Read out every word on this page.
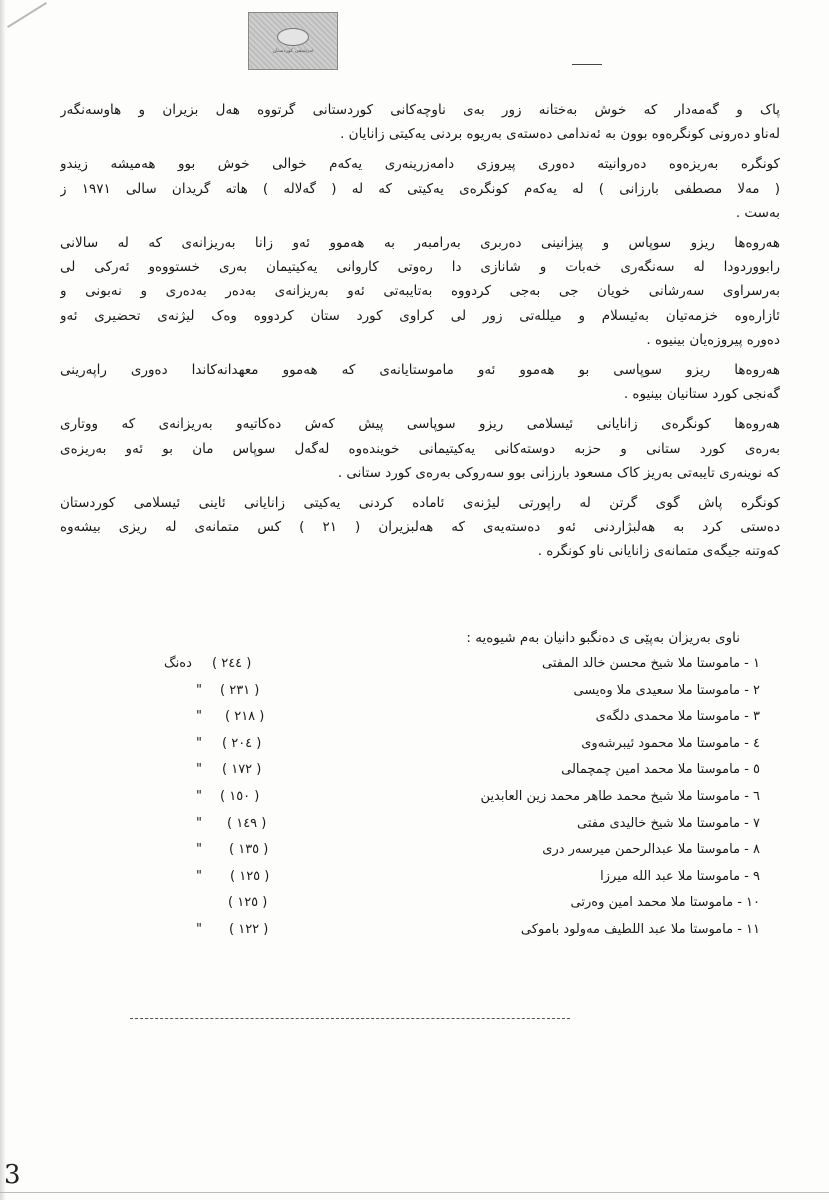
ئەرشیفی کوردستان
پاک و گەمەدار کە خوش بەختانە زور بەی ناوچەکانی کوردستانی گرتووە هەل بزیران و هاوسەنگەر
لەناو دەرونی کونگرەوە بوون بە ئەندامی دەستەی بەریوە بردنی یەکیتی زانایان .
کونگرە بەریزەوە دەروانیتە دەوری پیروزی دامەزرینەری یەکەم خوالی خوش بوو هەمیشە زیندو
( مەلا مصطفی بارزانی ) لە یەکەم کونگرەی یەکیتی کە لە ( گەلالە ) هاتە گریدان سالی ١٩٧١ ز
بەست .
هەروەها ریزو سوپاس و پیزانینی دەربری بەرامبەر بە هەموو ئەو زانا بەریزانەی کە لە سالانی
رابووردودا لە سەنگەری خەبات و شانازی دا رەوتی کاروانی یەکیتیمان بەری خستووەو ئەرکی لی
بەرسراوی سەرشانی خویان جی بەجی کردووە بەتایبەتی ئەو بەریزانەی بەدەر بەدەری و نەبونی و
ئازارەوە خزمەتیان بەئیسلام و میللەتی زور لی کراوی کورد ستان کردووە وەک لیژنەی تحضیری ئەو
دەورە پیروزەیان بینیوە .
هەروەها ریزو سوپاسی بو هەموو ئەو ماموستایانەی کە هەموو معهدانەکاندا دەوری راپەرینی
گەنجی کورد ستانیان بینیوە .
هەروەها کونگرەی زانایانی ئیسلامی ریزو سوپاسی پیش کەش دەکاتیەو بەریزانەی کە ووتاری
بەرەی کورد ستانی و حزبە دوستەکانی یەکیتیمانی خویندەوە لەگەل سوپاس مان بو ئەو بەریزەی
کە نوینەری تایبەتی بەریز کاک مسعود بارزانی بوو سەروکی بەرەی کورد ستانی .
کونگرە پاش گوی گرتن لە راپورتی لیژنەی ئامادە کردنی یەکیتی زانایانی ئاینی ئیسلامی کوردستان
دەستی کرد بە هەلبژاردنی ئەو دەستەیەی کە هەلبزیران ( ٢١ ) کس متمانەی لە ریزی بیشەوە
کەوتنە جیگەی متمانەی زانایانی ناو کونگرە .
ناوی بەریزان بەپێی ی دەنگبو دانیان بەم شیوەیە :
١ - ماموستا ملا شیخ محسن خالد المفتی
( ٢٤٤ )
دەنگ
٢ - ماموستا ملا سعیدی ملا وەیسی
( ٢٣١ )
"
٣ - ماموستا ملا محمدی دلگەی
( ٢١٨ )
"
٤ - ماموستا ملا محمود ئیبرشەوی
( ٢٠٤ )
"
٥ - ماموستا ملا محمد امین چمچمالی
( ١٧٢ )
"
٦ - ماموستا ملا شیخ محمد طاهر محمد زین العابدین
( ١٥٠ )
"
٧ - ماموستا ملا شیخ خالیدی مفتی
( ١٤٩ )
"
٨ - ماموستا ملا عبدالرحمن میرسەر دری
( ١٣٥ )
"
٩ - ماموستا ملا عبد الله میرزا
( ١٢٥ )
"
١٠ - ماموستا ملا محمد امین وەرتی
( ١٢٥ )
١١ - ماموستا ملا عبد اللطیف مەولود باموکی
( ١٢٢ )
"
3
